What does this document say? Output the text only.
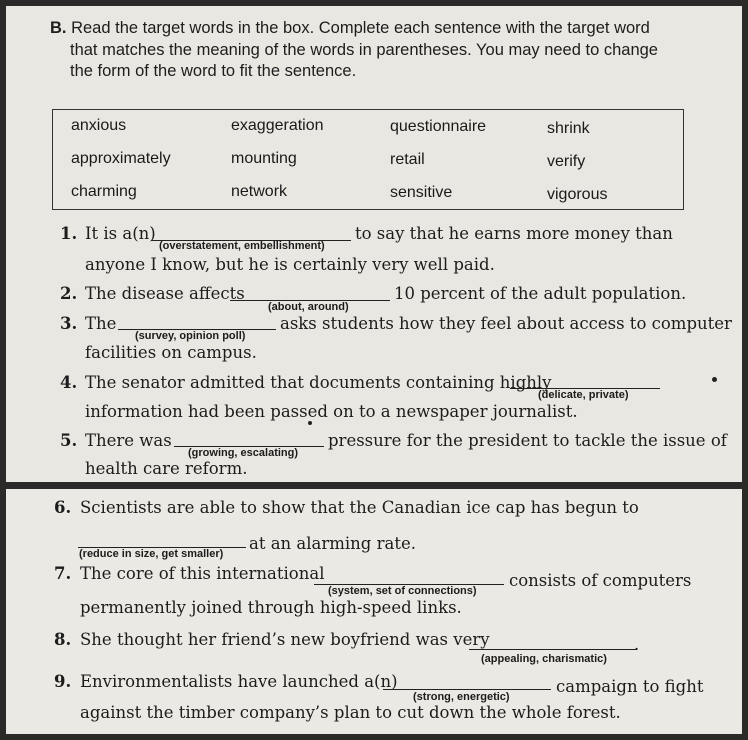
B. Read the target words in the box. Complete each sentence with the target word
that matches the meaning of the words in parentheses. You may need to change
the form of the word to fit the sentence.
anxious	exaggeration	questionnaire	shrink
approximately	mounting	retail	verify
charming	network	sensitive	vigorous
1. It is a(n)
(overstatement, embellishment)
to say that he earns more money than
anyone I know, but he is certainly very well paid.
2. The disease affects
(about, around)
10 percent of the adult population.
3. The
(survey, opinion poll)
asks students how they feel about access to computer
facilities on campus.
4. The senator admitted that documents containing highly
(delicate, private)
information had been passed on to a newspaper journalist.
5. There was
(growing, escalating)
pressure for the president to tackle the issue of
health care reform.
6. Scientists are able to show that the Canadian ice cap has begun to
(reduce in size, get smaller)
at an alarming rate.
7. The core of this international
(system, set of connections)
consists of computers
permanently joined through high-speed links.
8. She thought her friend’s new boyfriend was very	.
(appealing, charismatic)
9. Environmentalists have launched a(n)
(strong, energetic)
campaign to fight
against the timber company’s plan to cut down the whole forest.
